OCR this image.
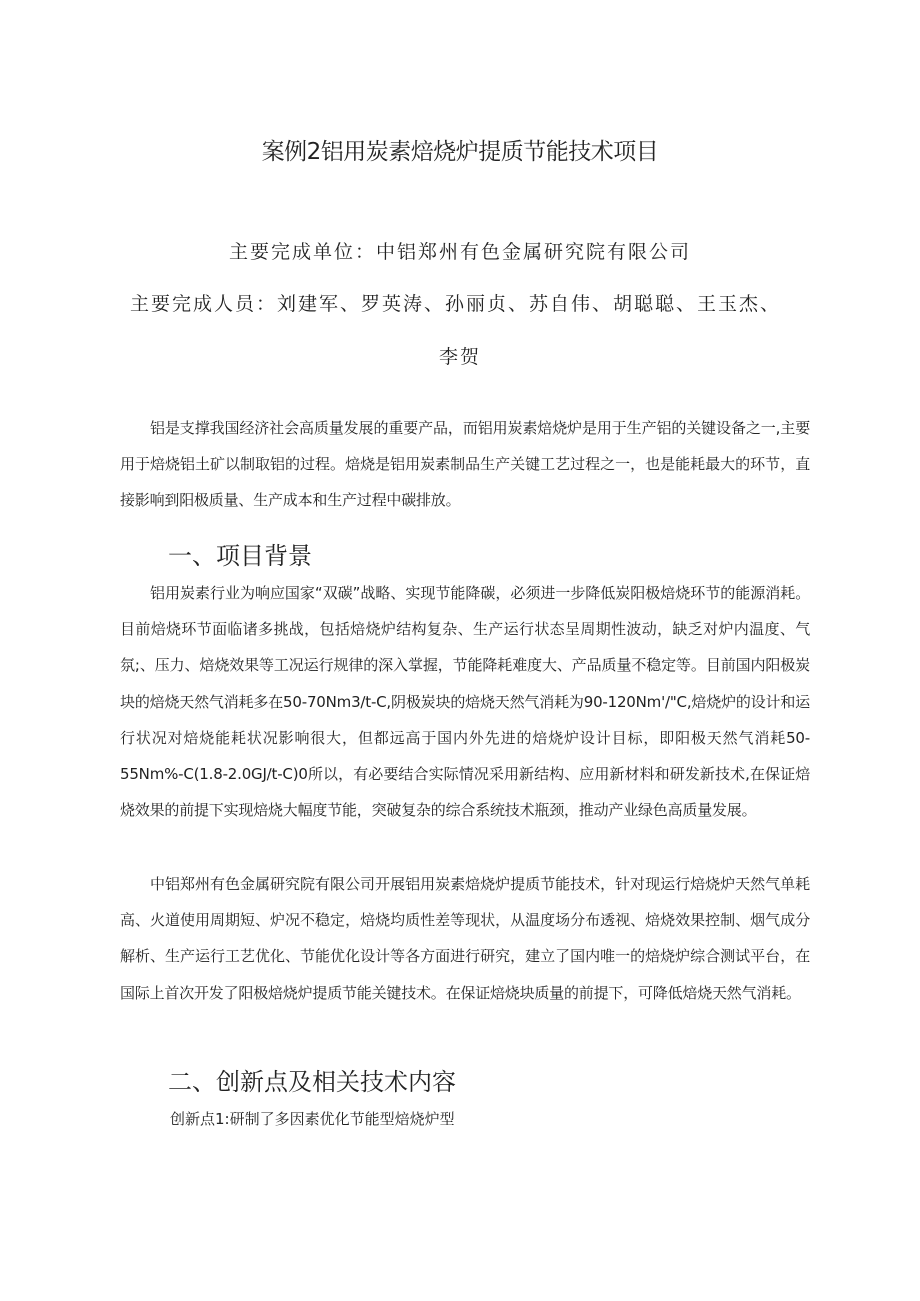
案例2铝用炭素焙烧炉提质节能技术项目
主要完成单位：中铝郑州有色金属研究院有限公司
主要完成人员：刘建军、罗英涛、孙丽贞、苏自伟、胡聪聪、王玉杰、
李贺

铝是支撑我国经济社会高质量发展的重要产品，而铝用炭素焙烧炉是用于生产铝的关键设备之一,主要用于焙烧铝土矿以制取铝的过程。焙烧是铝用炭素制品生产关键工艺过程之一，也是能耗最大的环节，直接影响到阳极质量、生产成本和生产过程中碳排放。

一、项目背景

铝用炭素行业为响应国家“双碳”战略、实现节能降碳，必须进一步降低炭阳极焙烧环节的能源消耗。目前焙烧环节面临诸多挑战，包括焙烧炉结构复杂、生产运行状态呈周期性波动，缺乏对炉内温度、气氛;、压力、焙烧效果等工况运行规律的深入掌握，节能降耗难度大、产品质量不稳定等。目前国内阳极炭块的焙烧天然气消耗多在50-70Nm3∕t-C,阴极炭块的焙烧天然气消耗为90-120Nm'/"C,焙烧炉的设计和运行状况对焙烧能耗状况影响很大，但都远高于国内外先进的焙烧炉设计目标，即阳极天然气消耗50-55Nm%-C(1.8-2.0GJ∕t-C)0所以，有必要结合实际情况采用新结构、应用新材料和研发新技术,在保证焙烧效果的前提下实现焙烧大幅度节能，突破复杂的综合系统技术瓶颈，推动产业绿色高质量发展。

中铝郑州有色金属研究院有限公司开展铝用炭素焙烧炉提质节能技术，针对现运行焙烧炉天然气单耗高、火道使用周期短、炉况不稳定，焙烧均质性差等现状，从温度场分布透视、焙烧效果控制、烟气成分解析、生产运行工艺优化、节能优化设计等各方面进行研究，建立了国内唯一的焙烧炉综合测试平台，在国际上首次开发了阳极焙烧炉提质节能关键技术。在保证焙烧块质量的前提下，可降低焙烧天然气消耗。

二、创新点及相关技术内容
创新点1:研制了多因素优化节能型焙烧炉型
